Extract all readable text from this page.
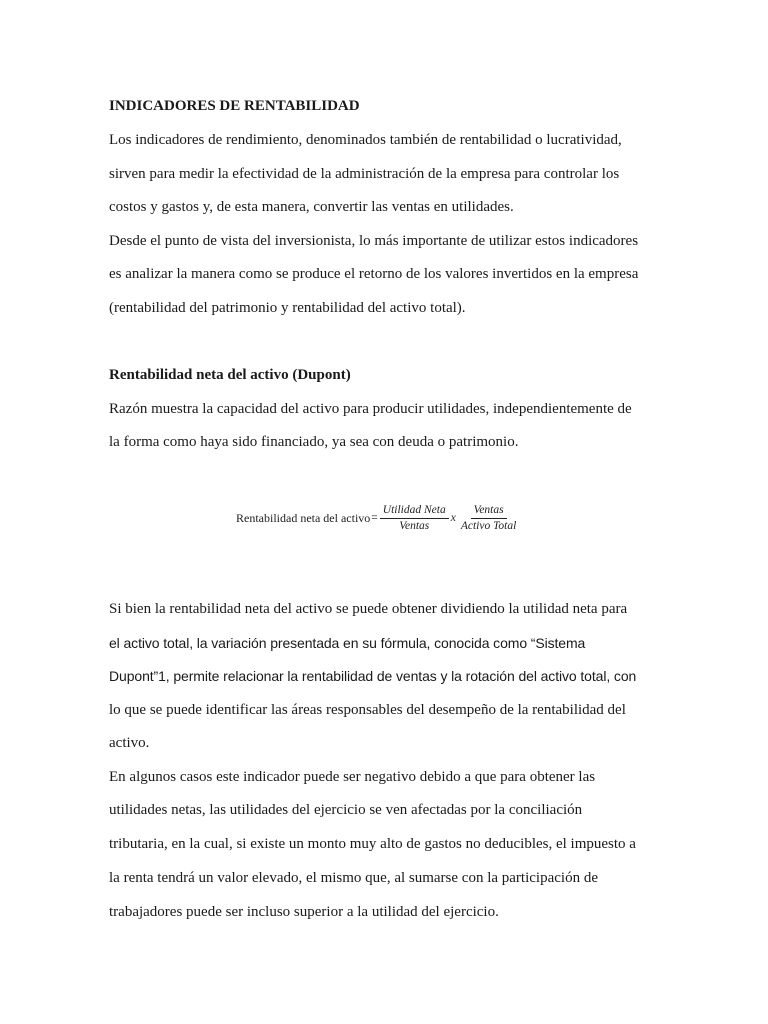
INDICADORES DE RENTABILIDAD
Los indicadores de rendimiento, denominados también de rentabilidad o lucratividad,
sirven para medir la efectividad de la administración de la empresa para controlar los
costos y gastos y, de esta manera, convertir las ventas en utilidades.
Desde el punto de vista del inversionista, lo más importante de utilizar estos indicadores
es analizar la manera como se produce el retorno de los valores invertidos en la empresa
(rentabilidad del patrimonio y rentabilidad del activo total).
Rentabilidad neta del activo (Dupont)
Razón muestra la capacidad del activo para producir utilidades, independientemente de
la forma como haya sido financiado, ya sea con deuda o patrimonio.
Rentabilidad neta del activo = $\frac{\text{Utilidad Neta}}{\text{Ventas}}$ x $\frac{\text{Ventas}}{\text{Activo Total}}$
Si bien la rentabilidad neta del activo se puede obtener dividiendo la utilidad neta para
el activo total, la variación presentada en su fórmula, conocida como “Sistema
Dupont”1, permite relacionar la rentabilidad de ventas y la rotación del activo total, con
lo que se puede identificar las áreas responsables del desempeño de la rentabilidad del
activo.
En algunos casos este indicador puede ser negativo debido a que para obtener las
utilidades netas, las utilidades del ejercicio se ven afectadas por la conciliación
tributaria, en la cual, si existe un monto muy alto de gastos no deducibles, el impuesto a
la renta tendrá un valor elevado, el mismo que, al sumarse con la participación de
trabajadores puede ser incluso superior a la utilidad del ejercicio.
